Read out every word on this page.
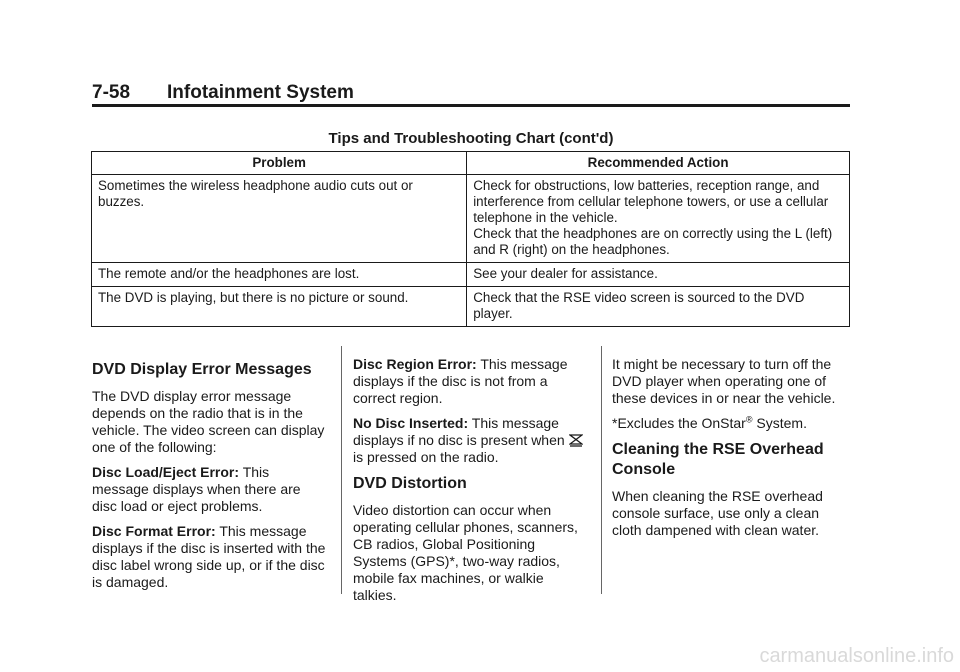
7-58 Infotainment System
Tips and Troubleshooting Chart (cont'd)
Problem	Recommended Action
Sometimes the wireless headphone audio cuts out or buzzes.	Check for obstructions, low batteries, reception range, and interference from cellular telephone towers, or use a cellular telephone in the vehicle.
Check that the headphones are on correctly using the L (left) and R (right) on the headphones.

The remote and/or the headphones are lost.	See your dealer for assistance.

The DVD is playing, but there is no picture or sound.	Check that the RSE video screen is sourced to the DVD player.
DVD Display Error Messages

The DVD display error message depends on the radio that is in the vehicle. The video screen can display one of the following:

Disc Load/Eject Error: This message displays when there are disc load or eject problems.

Disc Format Error: This message displays if the disc is inserted with the disc label wrong side up, or if the disc is damaged.

Disc Region Error: This message displays if the disc is not from a correct region.

No Disc Inserted: This message displays if no disc is present when  is pressed on the radio.

DVD Distortion

Video distortion can occur when operating cellular phones, scanners, CB radios, Global Positioning Systems (GPS)*, two-way radios, mobile fax machines, or walkie talkies.

It might be necessary to turn off the DVD player when operating one of these devices in or near the vehicle.

*Excludes the OnStar® System.

Cleaning the RSE Overhead Console

When cleaning the RSE overhead console surface, use only a clean cloth dampened with clean water.

carmanualsonline.info
